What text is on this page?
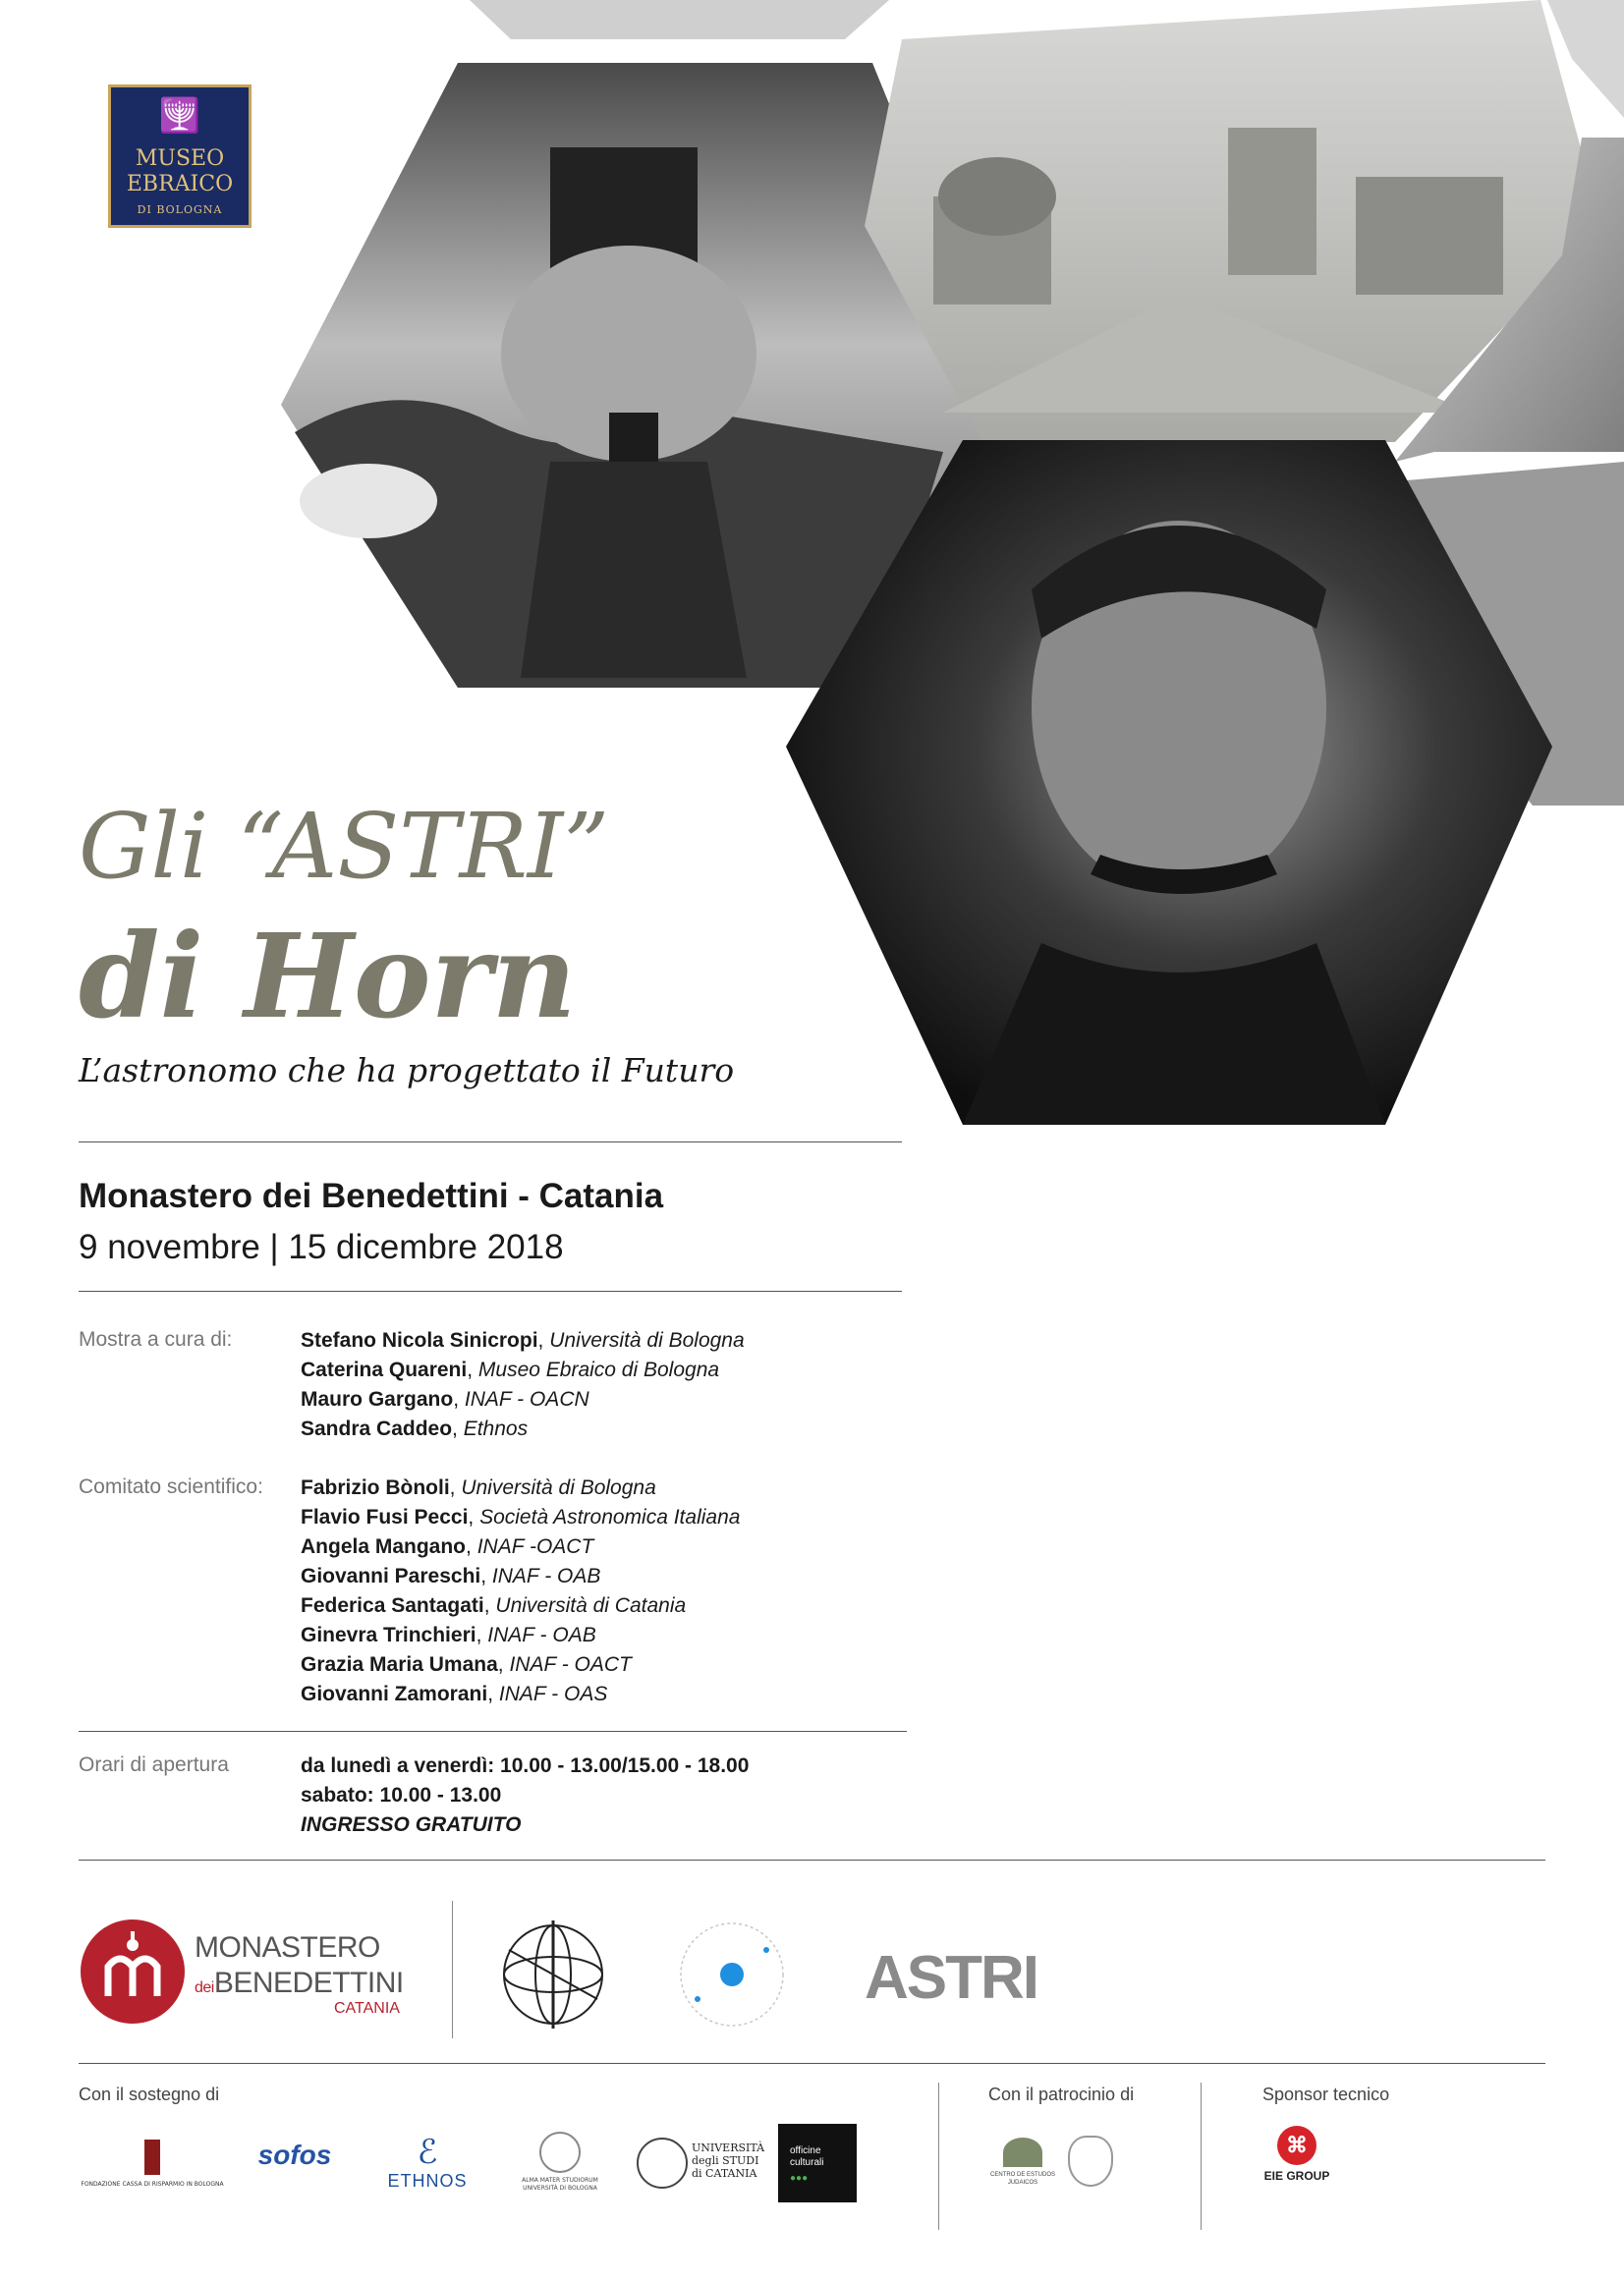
🕎
MUSEO
EBRAICO
DI BOLOGNA
Gli “ASTRI”
di Horn
L’astronomo che ha progettato il Futuro
Monastero dei Benedettini - Catania
9 novembre | 15 dicembre 2018
Mostra a cura di:	Stefano Nicola Sinicropi, Università di Bologna
Caterina Quareni, Museo Ebraico di Bologna
Mauro Gargano, INAF - OACN
Sandra Caddeo, Ethnos
Comitato scientifico: Fabrizio Bònoli, Università di Bologna
Flavio Fusi Pecci, Società Astronomica Italiana
Angela Mangano, INAF -OACT
Giovanni Pareschi, INAF - OAB
Federica Santagati, Università di Catania
Ginevra Trinchieri, INAF - OAB
Grazia Maria Umana, INAF - OACT
Giovanni Zamorani, INAF - OAS
Orari di apertura	da lunedì a venerdì: 10.00 - 13.00/15.00 - 18.00
sabato: 10.00 - 13.00
INGRESSO GRATUITO
MONASTERO
deiBENEDETTINI
CATANIA	ASTRI
Con il sostegno di	Con il patrocinio di	Sponsor tecnico
FONDAZIONE CASSA DI RISPARMIO IN BOLOGNA
sofos	ℰ
ETHNOS	ALMA MATER STUDIORUM UNIVERSITÀ DI BOLOGNA
UNIVERSITÀ degli STUDI di CATANIA
officine culturali
●●●	CENTRO DE ESTUDOS JUDAICOS
⌘
EIE GROUP
